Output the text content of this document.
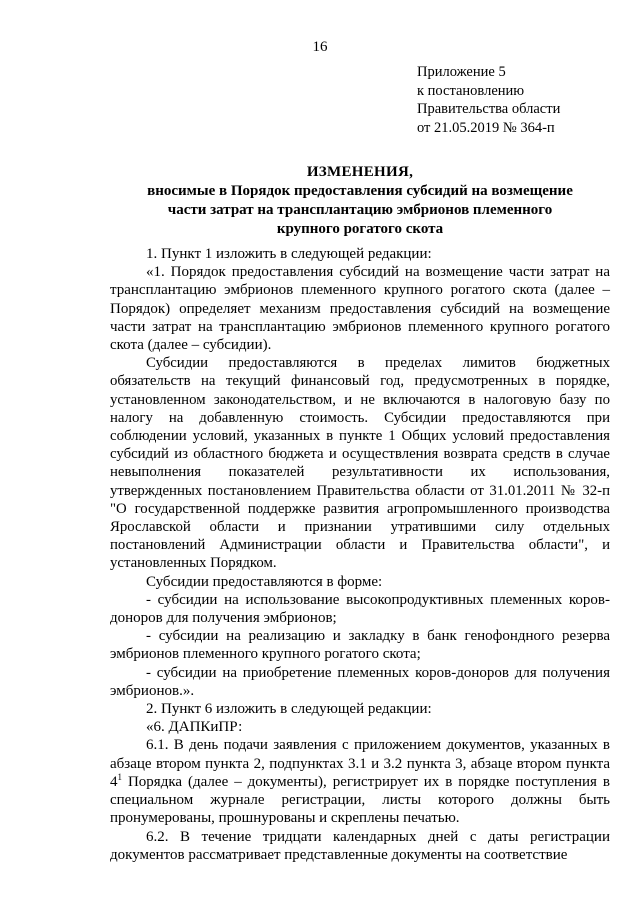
16
Приложение 5
к постановлению
Правительства области
от 21.05.2019 № 364-п
ИЗМЕНЕНИЯ,
вносимые в Порядок предоставления субсидий на возмещение
части затрат на трансплантацию эмбрионов племенного
крупного рогатого скота

1. Пункт 1 изложить в следующей редакции:

«1. Порядок предоставления субсидий на возмещение части затрат на трансплантацию эмбрионов племенного крупного рогатого скота (далее – Порядок) определяет механизм предоставления субсидий на возмещение части затрат на трансплантацию эмбрионов племенного крупного рогатого скота (далее – субсидии).

Субсидии предоставляются в пределах лимитов бюджетных обязательств на текущий финансовый год, предусмотренных в порядке, установленном законодательством, и не включаются в налоговую базу по налогу на добавленную стоимость. Субсидии предоставляются при соблюдении условий, указанных в пункте 1 Общих условий предоставления субсидий из областного бюджета и осуществления возврата средств в случае невыполнения показателей результативности их использования, утвержденных постановлением Правительства области от 31.01.2011 № 32-п "О государственной поддержке развития агропромышленного производства Ярославской области и признании утратившими силу отдельных постановлений Администрации области и Правительства области", и установленных Порядком.

Субсидии предоставляются в форме:

- субсидии на использование высокопродуктивных племенных коров-доноров для получения эмбрионов;

- субсидии на реализацию и закладку в банк генофондного резерва эмбрионов племенного крупного рогатого скота;

- субсидии на приобретение племенных коров-доноров для получения эмбрионов.».

2. Пункт 6 изложить в следующей редакции:

«6. ДАПКиПР:

6.1. В день подачи заявления с приложением документов, указанных в абзаце втором пункта 2, подпунктах 3.1 и 3.2 пункта 3, абзаце втором пункта $4^1$ Порядка (далее – документы), регистрирует их в порядке поступления в специальном журнале регистрации, листы которого должны быть пронумерованы, прошнурованы и скреплены печатью.

6.2. В течение тридцати календарных дней с даты регистрации документов рассматривает представленные документы на соответствие
